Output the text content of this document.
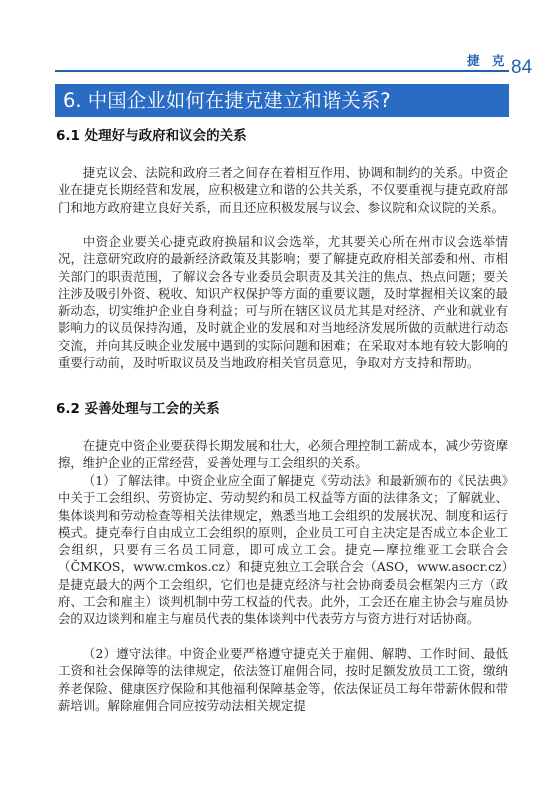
捷 克 84
6. 中国企业如何在捷克建立和谐关系?
6.1 处理好与政府和议会的关系

捷克议会、法院和政府三者之间存在着相互作用、协调和制约的关系。中资企业在捷克长期经营和发展，应积极建立和谐的公共关系，不仅要重视与捷克政府部门和地方政府建立良好关系，而且还应积极发展与议会、参议院和众议院的关系。

中资企业要关心捷克政府换届和议会选举，尤其要关心所在州市议会选举情况，注意研究政府的最新经济政策及其影响；要了解捷克政府相关部委和州、市相关部门的职责范围，了解议会各专业委员会职责及其关注的焦点、热点问题；要关注涉及吸引外资、税收、知识产权保护等方面的重要议题，及时掌握相关议案的最新动态，切实维护企业自身利益；可与所在辖区议员尤其是对经济、产业和就业有影响力的议员保持沟通，及时就企业的发展和对当地经济发展所做的贡献进行动态交流，并向其反映企业发展中遇到的实际问题和困难；在采取对本地有较大影响的重要行动前，及时听取议员及当地政府相关官员意见，争取对方支持和帮助。

6.2 妥善处理与工会的关系

在捷克中资企业要获得长期发展和壮大，必须合理控制工薪成本，减少劳资摩擦，维护企业的正常经营，妥善处理与工会组织的关系。

（1）了解法律。中资企业应全面了解捷克《劳动法》和最新颁布的《民法典》中关于工会组织、劳资协定、劳动契约和员工权益等方面的法律条文；了解就业、集体谈判和劳动检查等相关法律规定，熟悉当地工会组织的发展状况、制度和运行模式。捷克奉行自由成立工会组织的原则，企业员工可自主决定是否成立本企业工会组织，只要有三名员工同意，即可成立工会。捷克—摩拉维亚工会联合会（ČMKOS，www.cmkos.cz）和捷克独立工会联合会（ASO，www.asocr.cz）是捷克最大的两个工会组织，它们也是捷克经济与社会协商委员会框架内三方（政府、工会和雇主）谈判机制中劳工权益的代表。此外，工会还在雇主协会与雇员协会的双边谈判和雇主与雇员代表的集体谈判中代表劳方与资方进行对话协商。

（2）遵守法律。中资企业要严格遵守捷克关于雇佣、解聘、工作时间、最低工资和社会保障等的法律规定，依法签订雇佣合同，按时足额发放员工工资，缴纳养老保险、健康医疗保险和其他福利保障基金等，依法保证员工每年带薪休假和带薪培训。解除雇佣合同应按劳动法相关规定提
